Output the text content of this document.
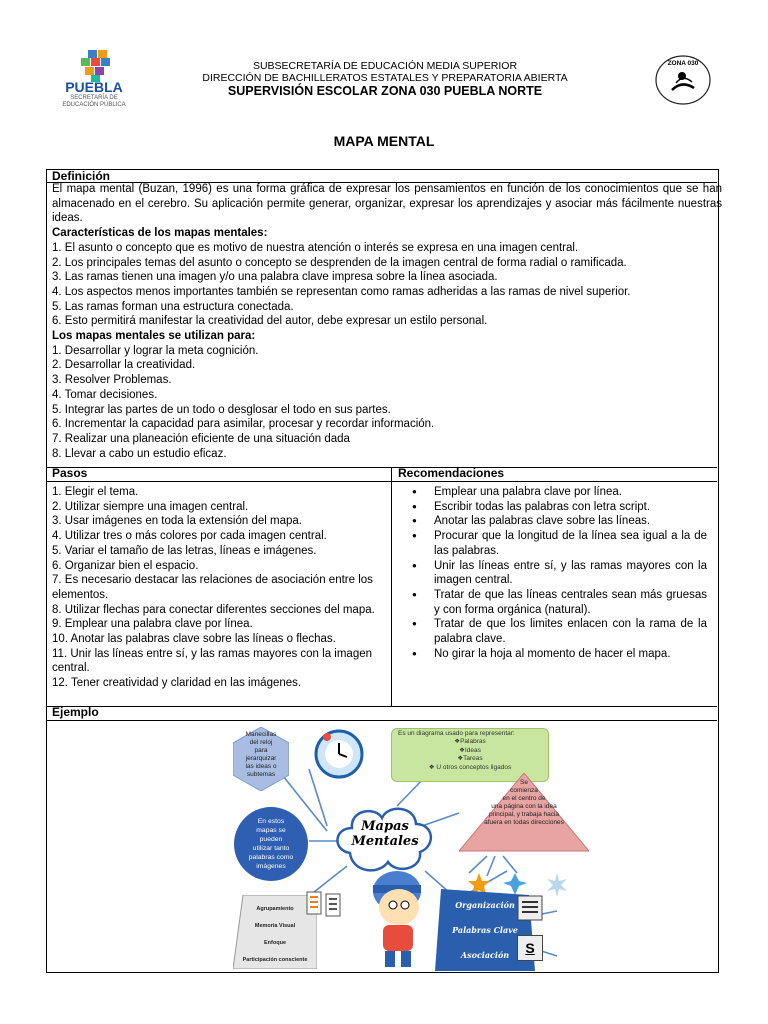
PUEBLA
SECRETARÍA DE
EDUCACIÓN PÚBLICA
SUBSECRETARÍA DE EDUCACIÓN MEDIA SUPERIOR
DIRECCIÓN DE BACHILLERATOS ESTATALES Y PREPARATORIA ABIERTA
SUPERVISIÓN ESCOLAR ZONA 030 PUEBLA NORTE
ZONA 030
MAPA MENTAL
Definición
El mapa mental (Buzan, 1996) es una forma gráfica de expresar los pensamientos en función de los conocimientos que se han almacenado en el cerebro. Su aplicación permite generar, organizar, expresar los aprendizajes y asociar más fácilmente nuestras ideas.
Características de los mapas mentales:
1. El asunto o concepto que es motivo de nuestra atención o interés se expresa en una imagen central.
2. Los principales temas del asunto o concepto se desprenden de la imagen central de forma radial o ramificada.
3. Las ramas tienen una imagen y/o una palabra clave impresa sobre la línea asociada.
4. Los aspectos menos importantes también se representan como ramas adheridas a las ramas de nivel superior.
5. Las ramas forman una estructura conectada.
6. Esto permitirá manifestar la creatividad del autor, debe expresar un estilo personal.
Los mapas mentales se utilizan para:
1. Desarrollar y lograr la meta cognición.
2. Desarrollar la creatividad.
3. Resolver Problemas.
4. Tomar decisiones.
5. Integrar las partes de un todo o desglosar el todo en sus partes.
6. Incrementar la capacidad para asimilar, procesar y recordar información.
7. Realizar una planeación eficiente de una situación dada
8. Llevar a cabo un estudio eficaz.
Pasos	Recomendaciones
1. Elegir el tema.
2. Utilizar siempre una imagen central.
3. Usar imágenes en toda la extensión del mapa.
4. Utilizar tres o más colores por cada imagen central.
5. Variar el tamaño de las letras, líneas e imágenes.
6. Organizar bien el espacio.
7. Es necesario destacar las relaciones de asociación entre los elementos.
8. Utilizar flechas para conectar diferentes secciones del mapa.
9. Emplear una palabra clave por línea.
10. Anotar las palabras clave sobre las líneas o flechas.
11. Unir las líneas entre sí, y las ramas mayores con la imagen central.
12. Tener creatividad y claridad en las imágenes.
● Emplear una palabra clave por línea.
● Escribir todas las palabras con letra script.
● Anotar las palabras clave sobre las líneas.
● Procurar que la longitud de la línea sea igual a la de las palabras.
● Unir las líneas entre sí, y las ramas mayores con la imagen central.
● Tratar de que las líneas centrales sean más gruesas y con forma orgánica (natural).
● Tratar de que los limites enlacen con la rama de la palabra clave.
● No girar la hoja al momento de hacer el mapa.
Ejemplo
Manecillas
del reloj
para
jerarquizar
las ideas o
subtemas
Es un diagrama usado para representar:
❖Palabras
❖Ideas
❖Tareas
❖ U otros conceptos ligados
En estos
mapas se
pueden
utilizar tanto
palabras como
imágenes
Mapas
Mentales
Se
comienza
en el centro de
una página con la idea
principal, y trabaja hacia
afuera en todas direcciones
Agrupamiento
Memoria Visual
Enfoque
Participación consciente
Organización
Palabras Clave
Asociación	S
